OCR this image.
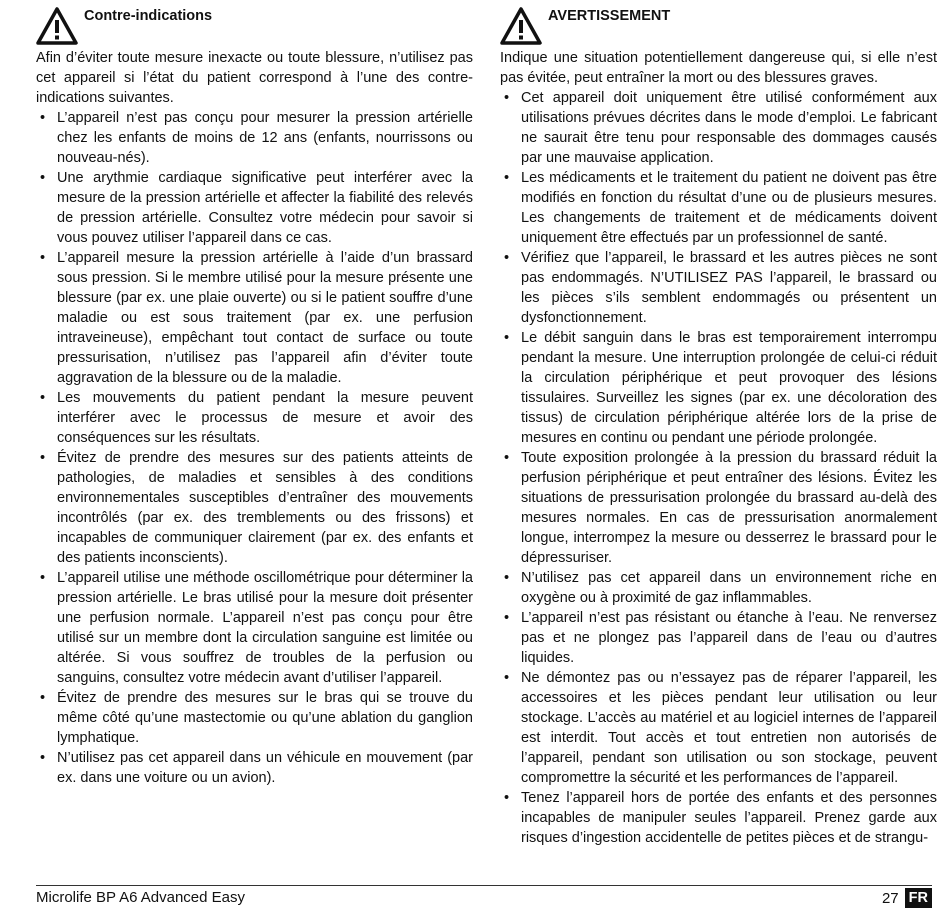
Contre-indications

Afin d’éviter toute mesure inexacte ou toute blessure, n’utilisez pas cet appareil si l’état du patient correspond à l’une des contre-indications suivantes.

• L’appareil n’est pas conçu pour mesurer la pression artérielle chez les enfants de moins de 12 ans (enfants, nourrissons ou nouveau-nés).
• Une arythmie cardiaque significative peut interférer avec la mesure de la pression artérielle et affecter la fiabilité des relevés de pression artérielle. Consultez votre médecin pour savoir si vous pouvez utiliser l’appareil dans ce cas.
• L’appareil mesure la pression artérielle à l’aide d’un brassard sous pression. Si le membre utilisé pour la mesure présente une blessure (par ex. une plaie ouverte) ou si le patient souffre d’une maladie ou est sous traitement (par ex. une perfusion intraveineuse), empêchant tout contact de surface ou toute pressurisation, n’utilisez pas l’appareil afin d’éviter toute aggravation de la blessure ou de la maladie.
• Les mouvements du patient pendant la mesure peuvent interférer avec le processus de mesure et avoir des conséquences sur les résultats.
• Évitez de prendre des mesures sur des patients atteints de pathologies, de maladies et sensibles à des conditions environnementales susceptibles d’entraîner des mouvements incontrôlés (par ex. des tremblements ou des frissons) et incapables de communiquer clairement (par ex. des enfants et des patients inconscients).
• L’appareil utilise une méthode oscillométrique pour déterminer la pression artérielle. Le bras utilisé pour la mesure doit présenter une perfusion normale. L’appareil n’est pas conçu pour être utilisé sur un membre dont la circulation sanguine est limitée ou altérée. Si vous souffrez de troubles de la perfusion ou sanguins, consultez votre médecin avant d’utiliser l’appareil.
• Évitez de prendre des mesures sur le bras qui se trouve du même côté qu’une mastectomie ou qu’une ablation du ganglion lymphatique.
• N’utilisez pas cet appareil dans un véhicule en mouvement (par ex. dans une voiture ou un avion).
AVERTISSEMENT

Indique une situation potentiellement dangereuse qui, si elle n’est pas évitée, peut entraîner la mort ou des blessures graves.

• Cet appareil doit uniquement être utilisé conformément aux utilisations prévues décrites dans le mode d’emploi. Le fabricant ne saurait être tenu pour responsable des dommages causés par une mauvaise application.
• Les médicaments et le traitement du patient ne doivent pas être modifiés en fonction du résultat d’une ou de plusieurs mesures. Les changements de traitement et de médicaments doivent uniquement être effectués par un professionnel de santé.
• Vérifiez que l’appareil, le brassard et les autres pièces ne sont pas endommagés. N’UTILISEZ PAS l’appareil, le brassard ou les pièces s’ils semblent endommagés ou présentent un dysfonctionnement.
• Le débit sanguin dans le bras est temporairement interrompu pendant la mesure. Une interruption prolongée de celui-ci réduit la circulation périphérique et peut provoquer des lésions tissulaires. Surveillez les signes (par ex. une décoloration des tissus) de circulation périphérique altérée lors de la prise de mesures en continu ou pendant une période prolongée.
• Toute exposition prolongée à la pression du brassard réduit la perfusion périphérique et peut entraîner des lésions. Évitez les situations de pressurisation prolongée du brassard au-delà des mesures normales. En cas de pressurisation anormalement longue, interrompez la mesure ou desserrez le brassard pour le dépressuriser.
• N’utilisez pas cet appareil dans un environnement riche en oxygène ou à proximité de gaz inflammables.
• L’appareil n’est pas résistant ou étanche à l’eau. Ne renversez pas et ne plongez pas l’appareil dans de l’eau ou d’autres liquides.
• Ne démontez pas ou n’essayez pas de réparer l’appareil, les accessoires et les pièces pendant leur utilisation ou leur stockage. L’accès au matériel et au logiciel internes de l’appareil est interdit. Tout accès et tout entretien non autorisés de l’appareil, pendant son utilisation ou son stockage, peuvent compromettre la sécurité et les performances de l’appareil.
• Tenez l’appareil hors de portée des enfants et des personnes incapables de manipuler seules l’appareil. Prenez garde aux risques d’ingestion accidentelle de petites pièces et de strangu-
Microlife BP A6 Advanced Easy	27 FR
